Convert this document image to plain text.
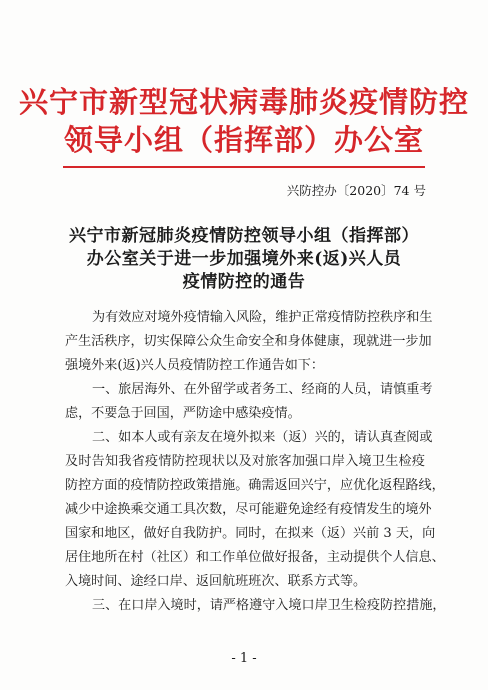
兴宁市新型冠状病毒肺炎疫情防控
领导小组（指挥部）办公室
兴防控办〔2020〕74 号
兴宁市新冠肺炎疫情防控领导小组（指挥部）
办公室关于进一步加强境外来(返)兴人员
疫情防控的通告
为有效应对境外疫情输入风险，维护正常疫情防控秩序和生
产生活秩序，切实保障公众生命安全和身体健康，现就进一步加
强境外来(返)兴人员疫情防控工作通告如下：
一、旅居海外、在外留学或者务工、经商的人员，请慎重考
虑，不要急于回国，严防途中感染疫情。
二、如本人或有亲友在境外拟来（返）兴的，请认真查阅或
及时告知我省疫情防控现状以及对旅客加强口岸入境卫生检疫
防控方面的疫情防控政策措施。确需返回兴宁，应优化返程路线，
减少中途换乘交通工具次数，尽可能避免途经有疫情发生的境外
国家和地区，做好自我防护。同时，在拟来（返）兴前 3 天，向
居住地所在村（社区）和工作单位做好报备，主动提供个人信息、
入境时间、途经口岸、返回航班班次、联系方式等。
三、在口岸入境时，请严格遵守入境口岸卫生检疫防控措施，
- 1 -
